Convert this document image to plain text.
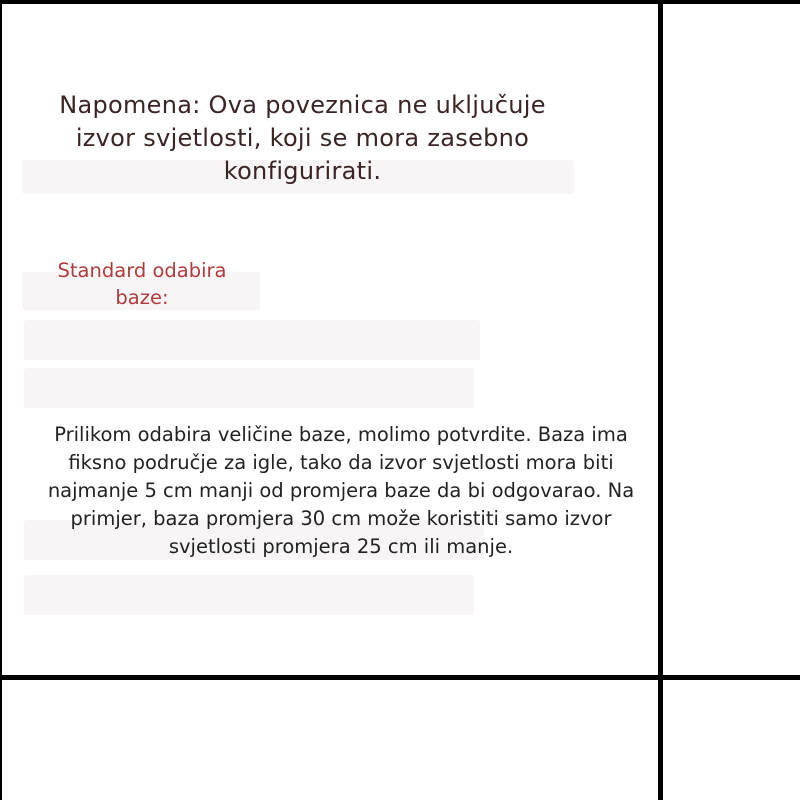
Napomena: Ova poveznica ne uključuje izvor svjetlosti, koji se mora zasebno konfigurirati.
Standard odabira baze:
Prilikom odabira veličine baze, molimo potvrdite. Baza ima fiksno područje za igle, tako da izvor svjetlosti mora biti najmanje 5 cm manji od promjera baze da bi odgovarao. Na primjer, baza promjera 30 cm može koristiti samo izvor svjetlosti promjera 25 cm ili manje.
